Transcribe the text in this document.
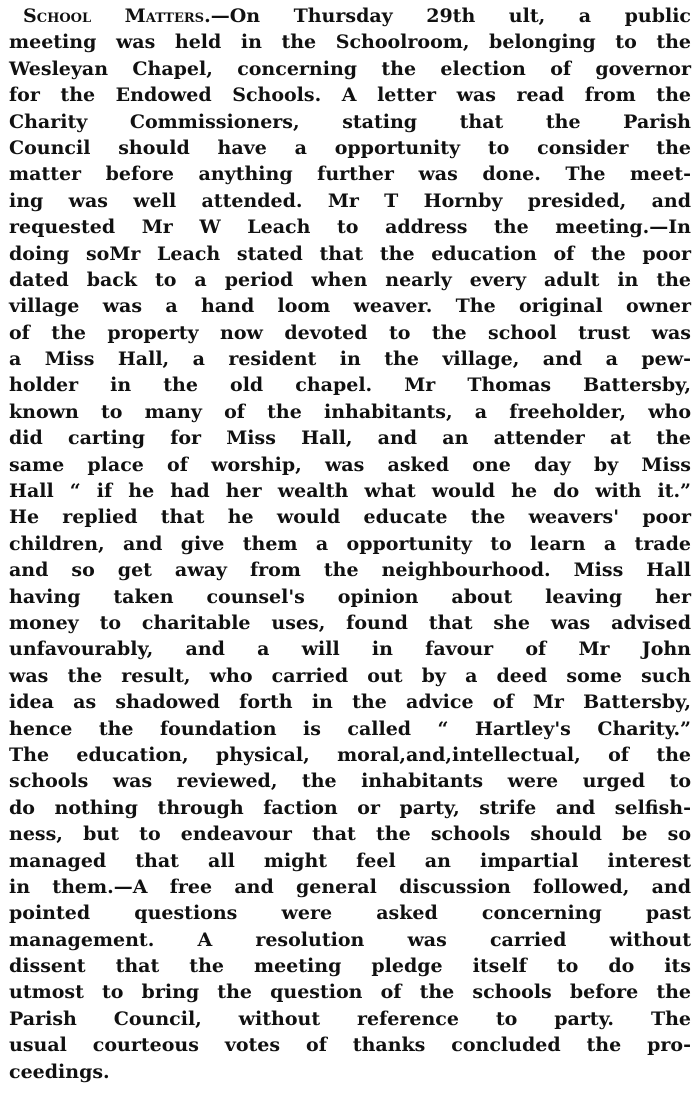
School Matters.—On Thursday 29th ult, a public
meeting was held in the Schoolroom, belonging to the
Wesleyan Chapel, concerning the election of governor
for the Endowed Schools. A letter was read from the
Charity Commissioners, stating that the Parish
Council should have a opportunity to consider the
matter before anything further was done. The meet-
ing was well attended. Mr T Hornby presided, and
requested Mr W Leach to address the meeting.—In
doing soMr Leach stated that the education of the poor
dated back to a period when nearly every adult in the
village was a hand loom weaver. The original owner
of the property now devoted to the school trust was
a Miss Hall, a resident in the village, and a pew-
holder in the old chapel. Mr Thomas Battersby,
known to many of the inhabitants, a freeholder, who
did carting for Miss Hall, and an attender at the
same place of worship, was asked one day by Miss
Hall “ if he had her wealth what would he do with it.”
He replied that he would educate the weavers' poor
children, and give them a opportunity to learn a trade
and so get away from the neighbourhood. Miss Hall
having taken counsel's opinion about leaving her
money to charitable uses, found that she was advised
unfavourably, and a will in favour of Mr John
was the result, who carried out by a deed some such
idea as shadowed forth in the advice of Mr Battersby,
hence the foundation is called “ Hartley's Charity.”
The education, physical, moral,and,intellectual, of the
schools was reviewed, the inhabitants were urged to
do nothing through faction or party, strife and selfish-
ness, but to endeavour that the schools should be so
managed that all might feel an impartial interest
in them.—A free and general discussion followed, and
pointed questions were asked concerning past
management. A resolution was carried without
dissent that the meeting pledge itself to do its
utmost to bring the question of the schools before the
Parish Council, without reference to party. The
usual courteous votes of thanks concluded the pro-
ceedings.
